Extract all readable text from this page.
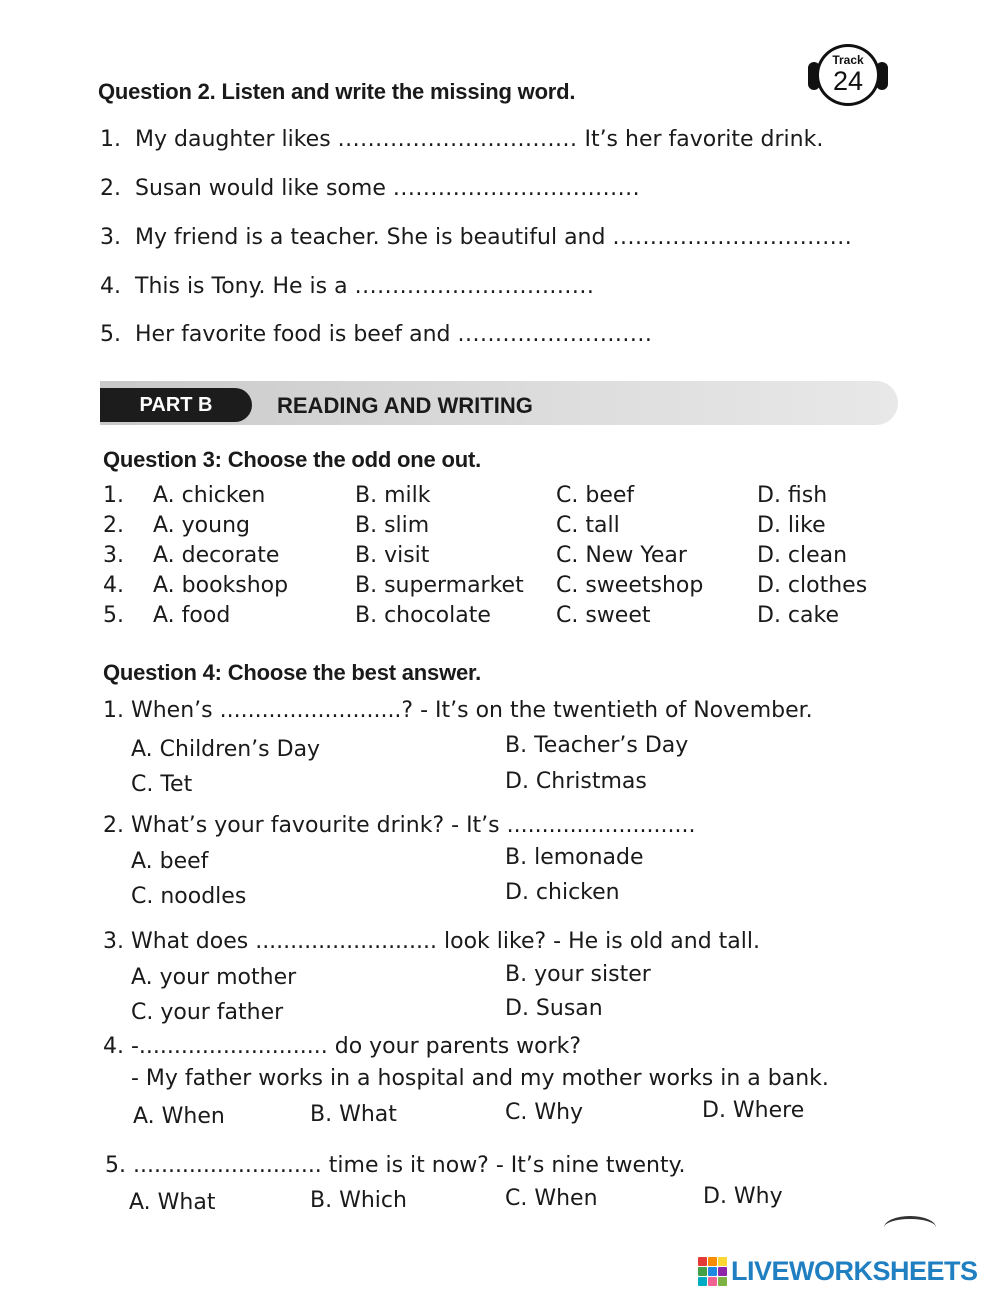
Question 2. Listen and write the missing word.
Track
24
1. My daughter likes ................................ It’s her favorite drink.
2. Susan would like some .................................
3. My friend is a teacher. She is beautiful and ................................
4. This is Tony. He is a ................................
5. Her favorite food is beef and ..........................
PART B	READING AND WRITING
Question 3: Choose the odd one out.
1. A. chicken	B. milk	C. beef	D. fish
2. A. young	B. slim	C. tall	D. like
3. A. decorate	B. visit	C. New Year	D. clean
4. A. bookshop	B. supermarket C. sweetshop D. clothes
5. A. food	B. chocolate	C. sweet	D. cake
Question 4: Choose the best answer.
1. When’s ..........................? - It’s on the twentieth of November.
A. Children’s Day	B. Teacher’s Day
C. Tet	D. Christmas
2. What’s your favourite drink? - It’s ...........................
A. beef	B. lemonade
C. noodles	D. chicken
3. What does .......................... look like? - He is old and tall.
A. your mother	B. your sister
C. your father	D. Susan
4. -........................... do your parents work?
- My father works in a hospital and my mother works in a bank.
A. When	B. What	C. Why	D. Where
5. ........................... time is it now? - It’s nine twenty.
A. What	B. Which	C. When	D. Why
LIVEWORKSHEETS
